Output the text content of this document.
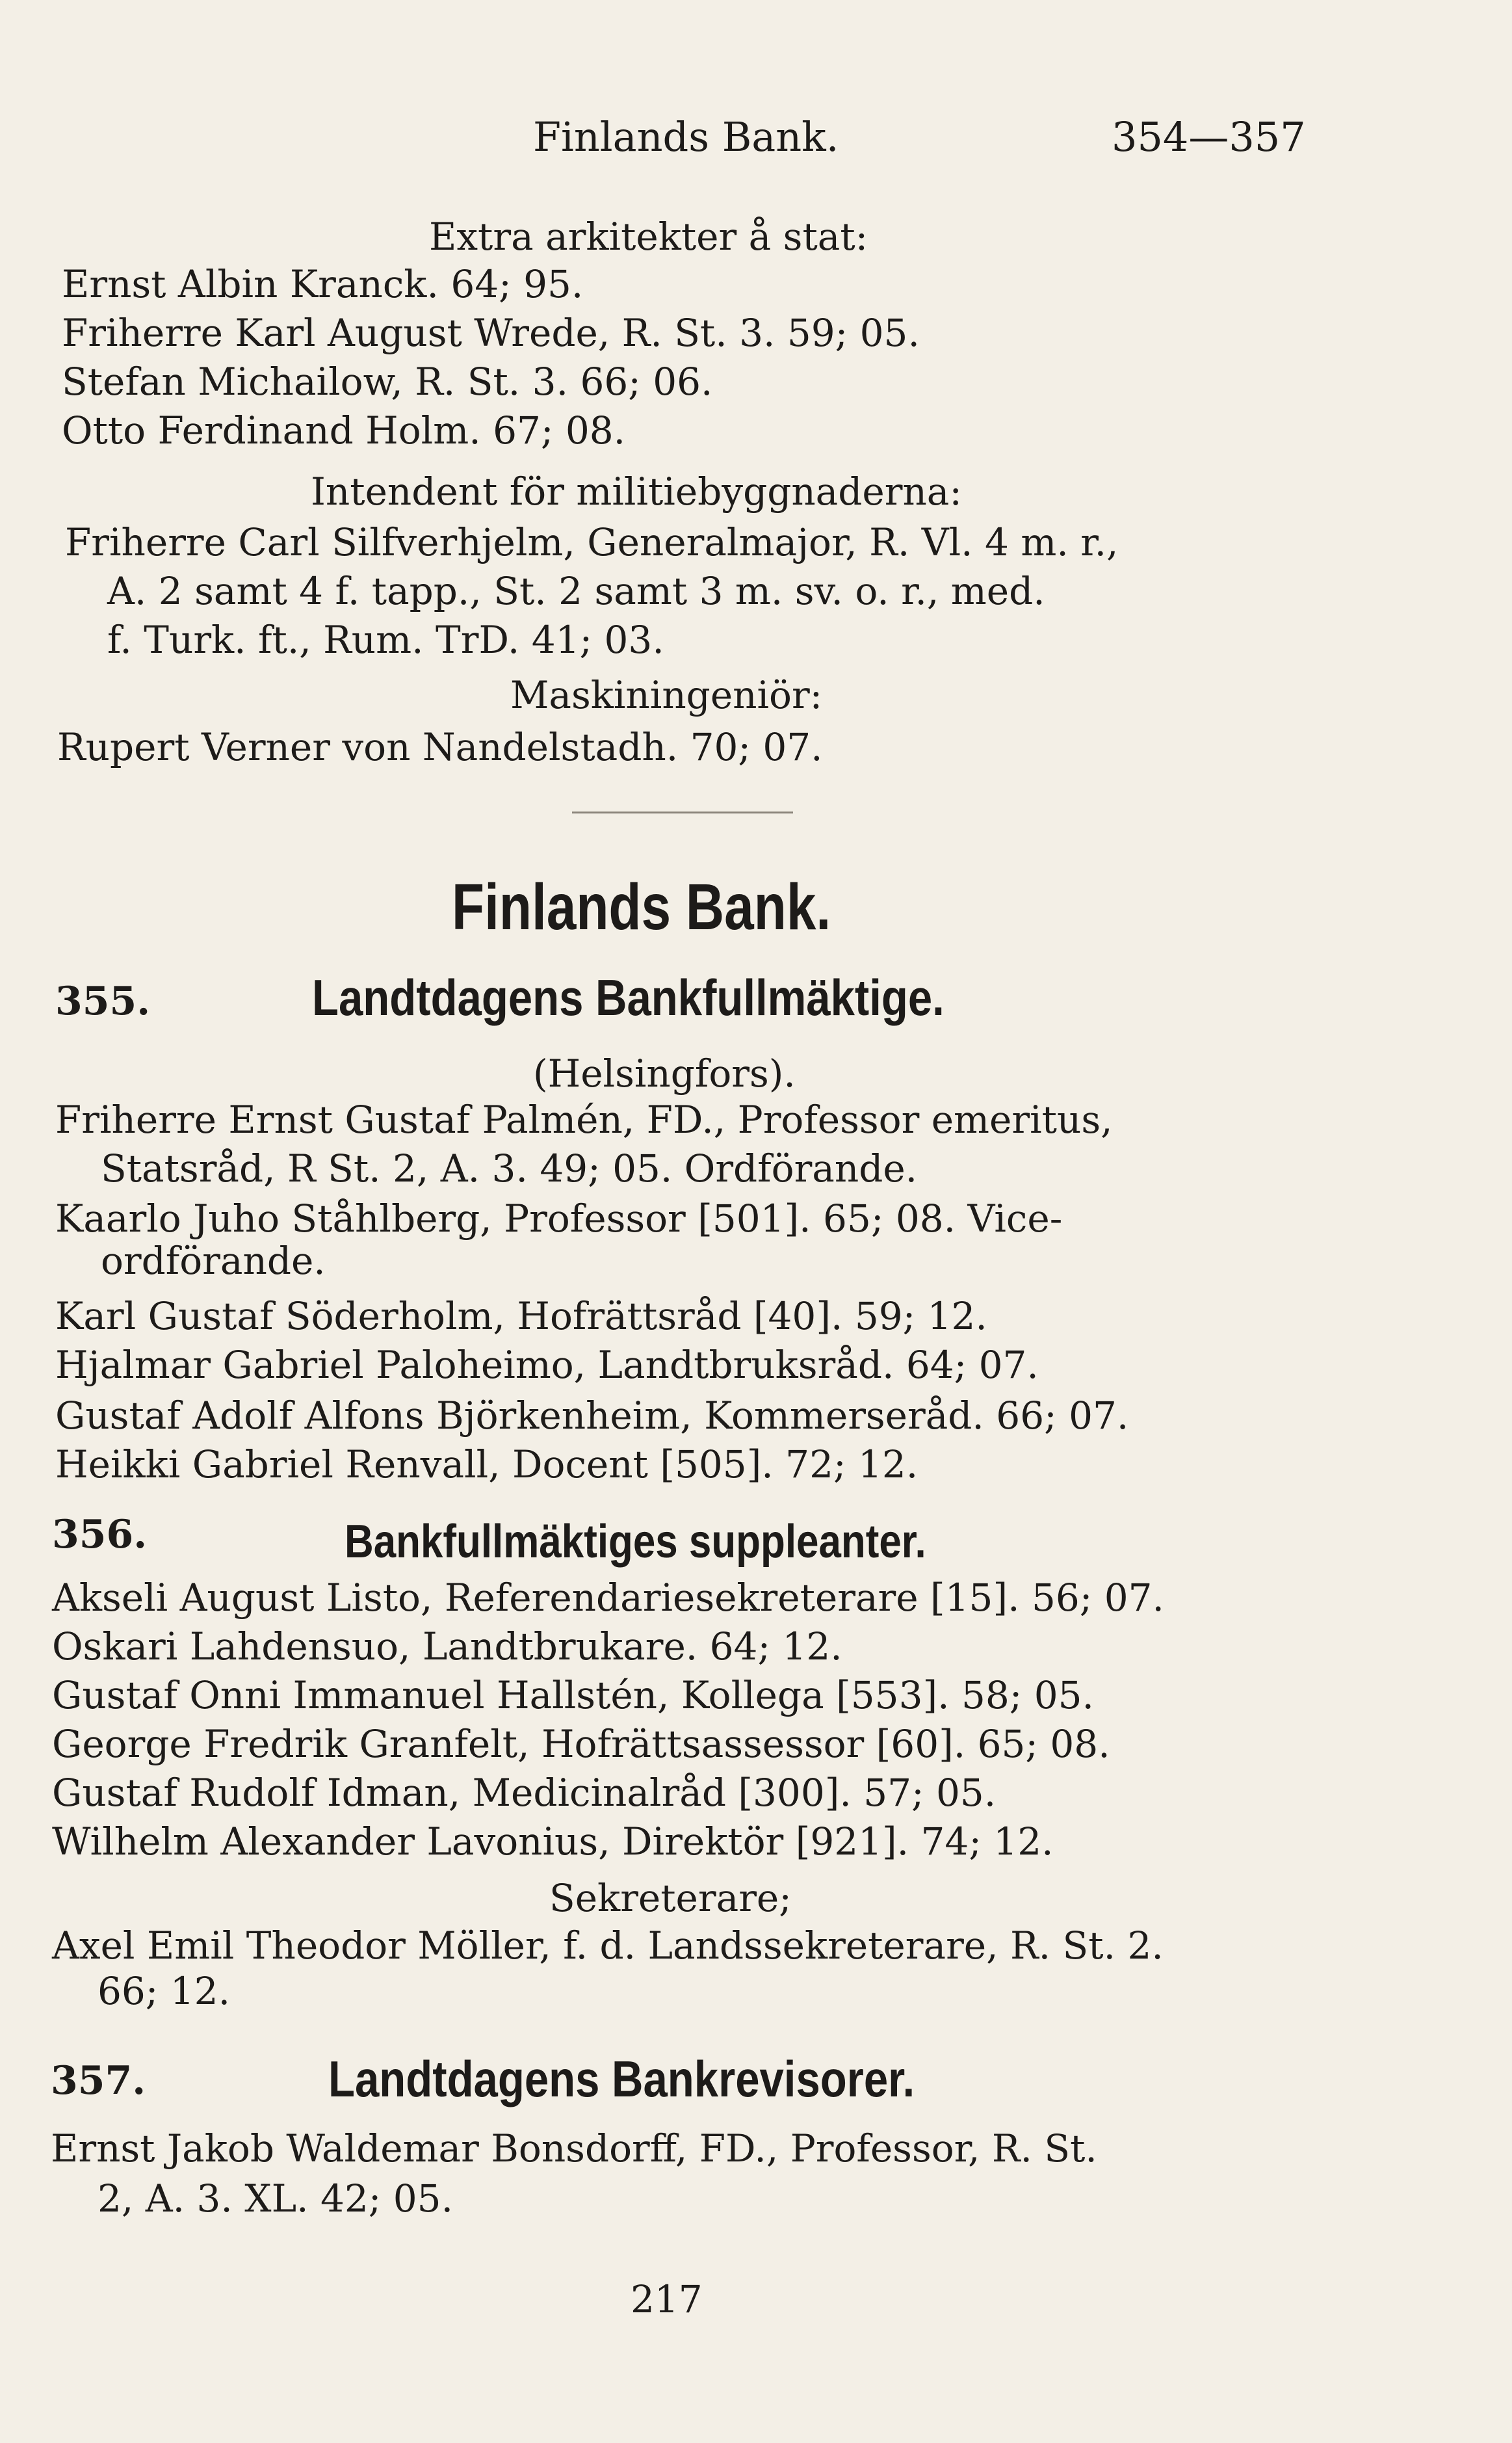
Finlands Bank.	354—357
Extra arkitekter å stat:
Ernst Albin Kranck. 64; 95.
Friherre Karl August Wrede, R. St. 3. 59; 05.
Stefan Michailow, R. St. 3. 66; 06.
Otto Ferdinand Holm. 67; 08.
Intendent för militiebyggnaderna:
Friherre Carl Silfverhjelm, Generalmajor, R. Vl. 4 m. r.,
A. 2 samt 4 f. tapp., St. 2 samt 3 m. sv. o. r., med.
f. Turk. ft., Rum. TrD. 41; 03.
Maskiningeniör:
Rupert Verner von Nandelstadh. 70; 07.
Finlands Bank.
355.	Landtdagens Bankfullmäktige.
(Helsingfors).
Friherre Ernst Gustaf Palmén, FD., Professor emeritus,
Statsråd, R St. 2, A. 3. 49; 05. Ordförande.
Kaarlo Juho Ståhlberg, Professor [501]. 65; 08. Vice-
ordförande.
Karl Gustaf Söderholm, Hofrättsråd [40]. 59; 12.
Hjalmar Gabriel Paloheimo, Landtbruksråd. 64; 07.
Gustaf Adolf Alfons Björkenheim, Kommerseråd. 66; 07.
Heikki Gabriel Renvall, Docent [505]. 72; 12.
356.	Bankfullmäktiges suppleanter.
Akseli August Listo, Referendariesekreterare [15]. 56; 07.
Oskari Lahdensuo, Landtbrukare. 64; 12.
Gustaf Onni Immanuel Hallstén, Kollega [553]. 58; 05.
George Fredrik Granfelt, Hofrättsassessor [60]. 65; 08.
Gustaf Rudolf Idman, Medicinalråd [300]. 57; 05.
Wilhelm Alexander Lavonius, Direktör [921]. 74; 12.
Sekreterare;
Axel Emil Theodor Möller, f. d. Landssekreterare, R. St. 2.
66; 12.
357.	Landtdagens Bankrevisorer.
Ernst Jakob Waldemar Bonsdorff, FD., Professor, R. St.
2, A. 3. XL. 42; 05.
217
